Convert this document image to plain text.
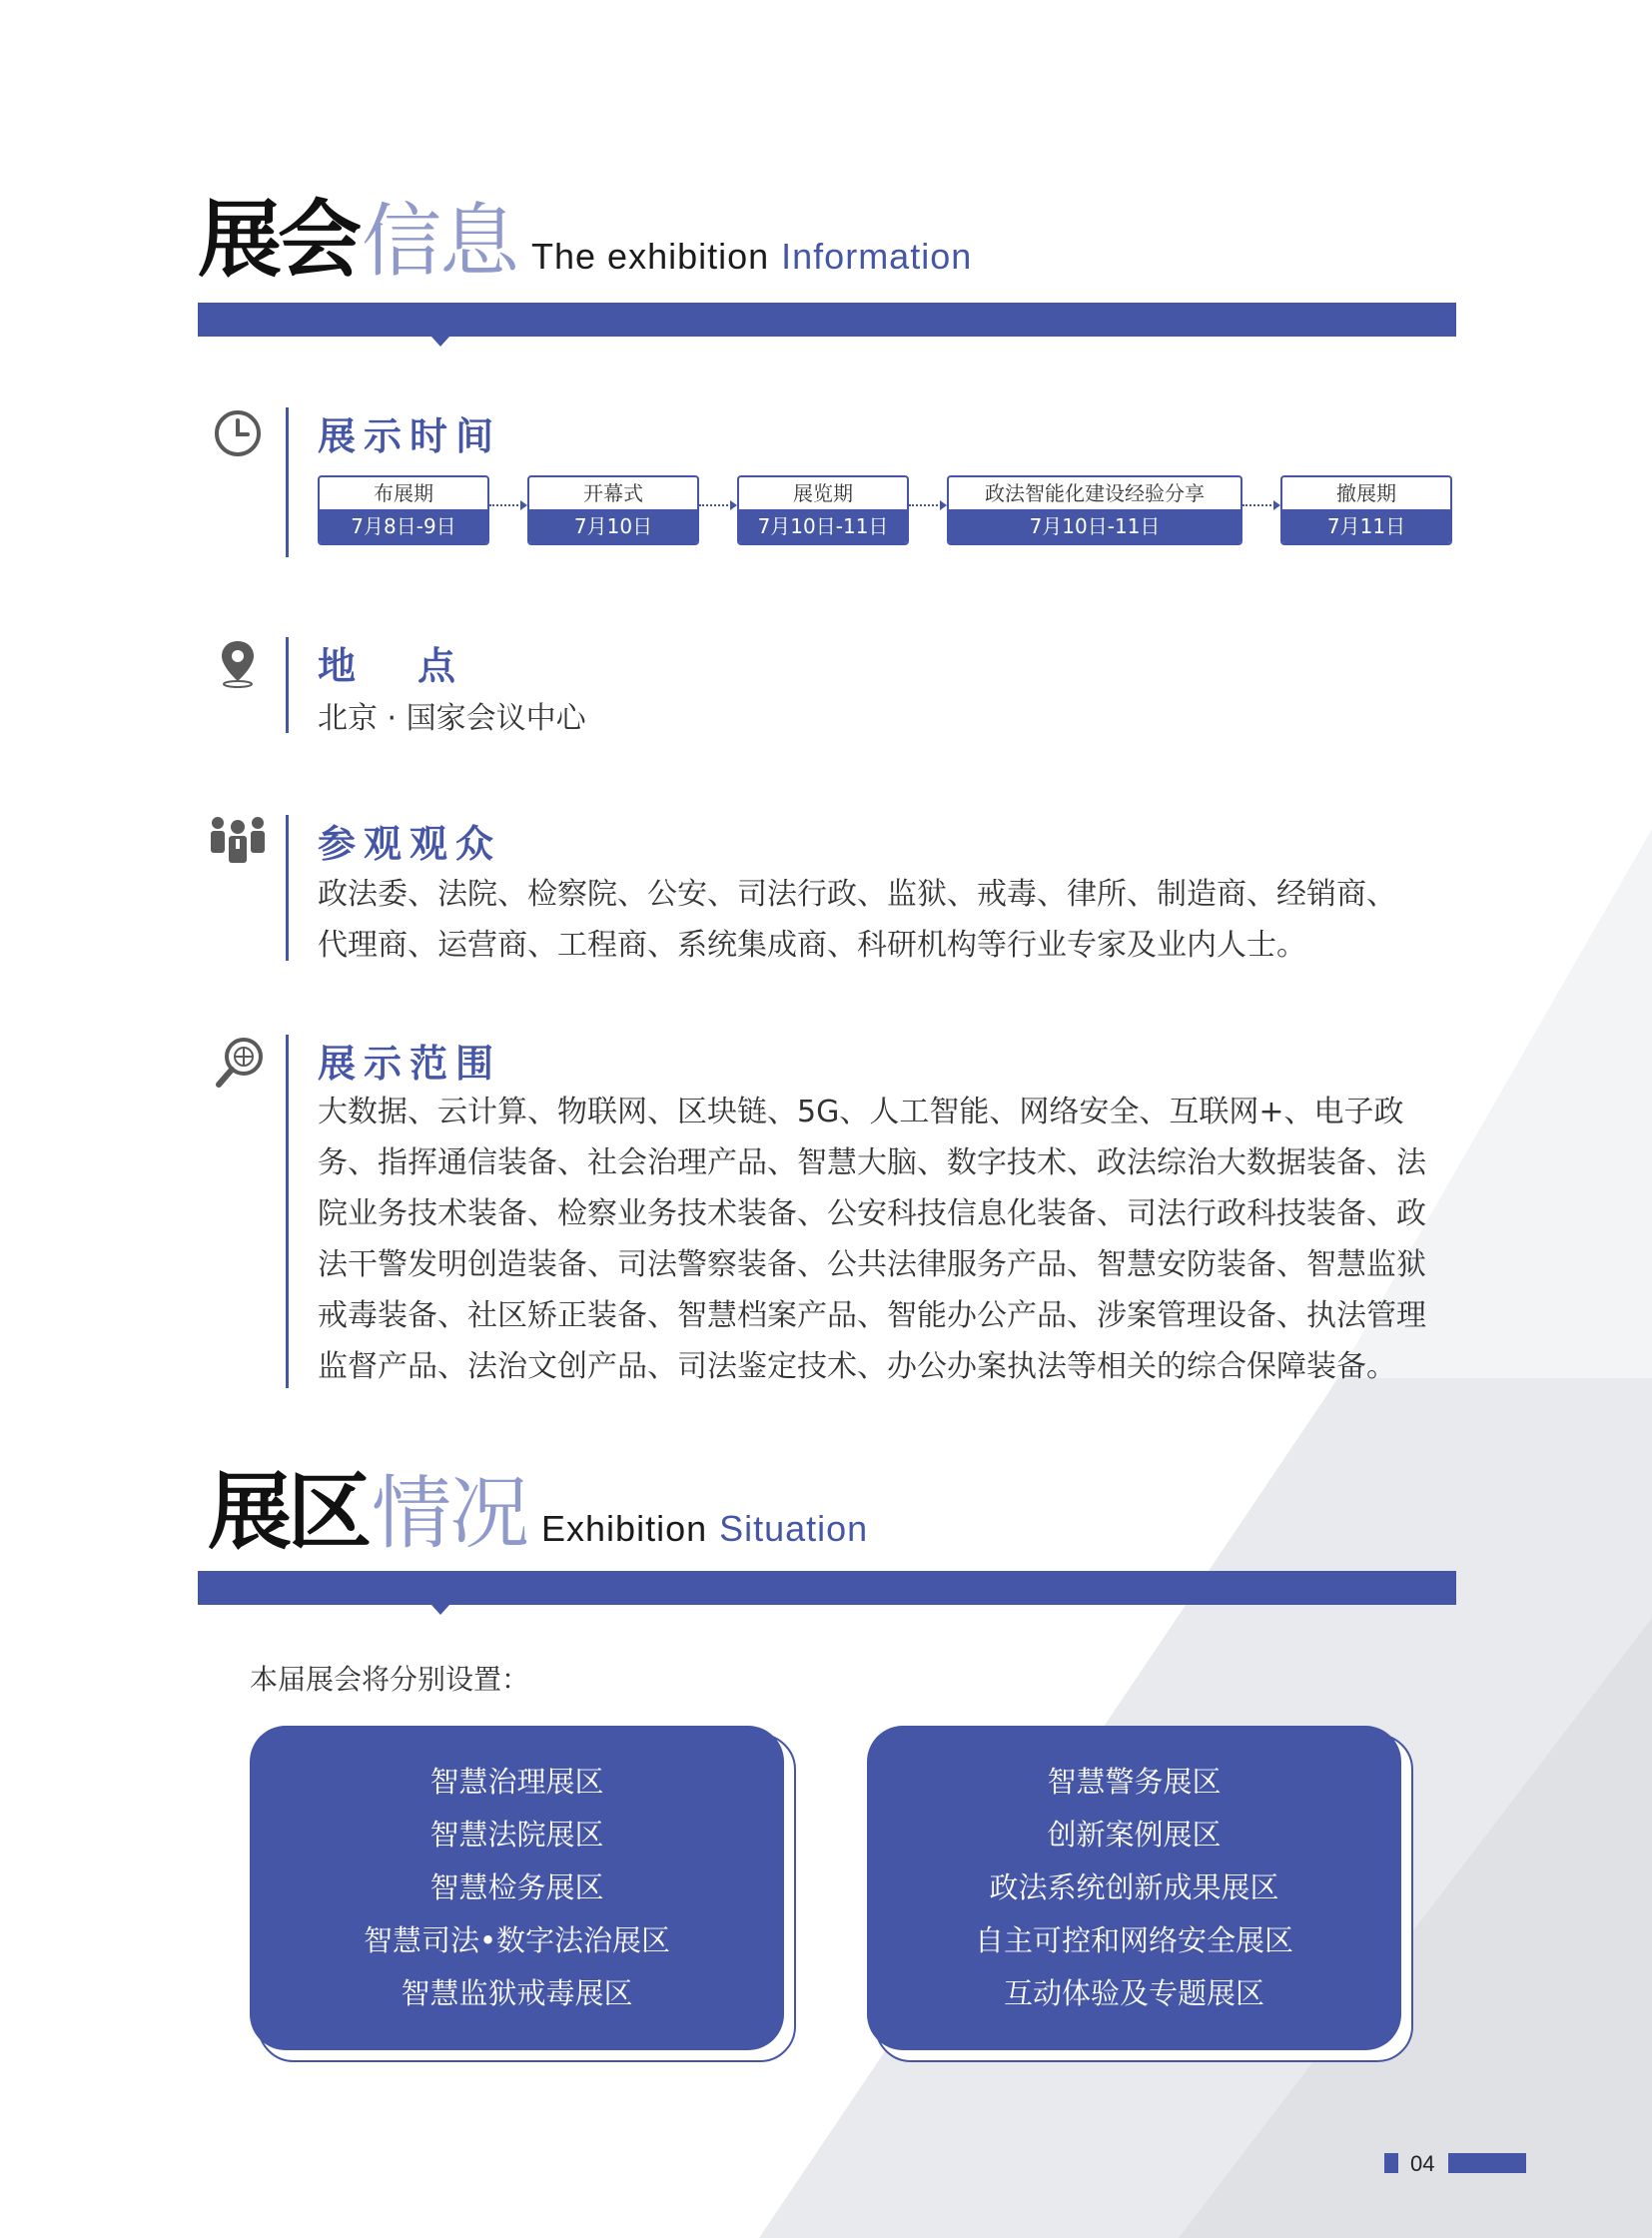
展会 信息 The exhibition Information
展示时间
布展期
7月8日-9日
开幕式
7月10日
展览期
7月10日-11日
政法智能化建设经验分享
7月10日-11日
撤展期
7月11日
地　点
北京 · 国家会议中心
参观观众
政法委、法院、检察院、公安、司法行政、监狱、戒毒、律所、制造商、经销商、
代理商、运营商、工程商、系统集成商、科研机构等行业专家及业内人士。
展示范围
大数据、云计算、物联网、区块链、5G、人工智能、网络安全、互联网+、电子政
务、指挥通信装备、社会治理产品、智慧大脑、数字技术、政法综治大数据装备、法
院业务技术装备、检察业务技术装备、公安科技信息化装备、司法行政科技装备、政
法干警发明创造装备、司法警察装备、公共法律服务产品、智慧安防装备、智慧监狱
戒毒装备、社区矫正装备、智慧档案产品、智能办公产品、涉案管理设备、执法管理
监督产品、法治文创产品、司法鉴定技术、办公办案执法等相关的综合保障装备。
展区 情况 Exhibition Situation
本届展会将分别设置：
智慧治理展区
智慧法院展区
智慧检务展区
智慧司法•数字法治展区
智慧监狱戒毒展区
智慧警务展区
创新案例展区
政法系统创新成果展区
自主可控和网络安全展区
互动体验及专题展区
04
